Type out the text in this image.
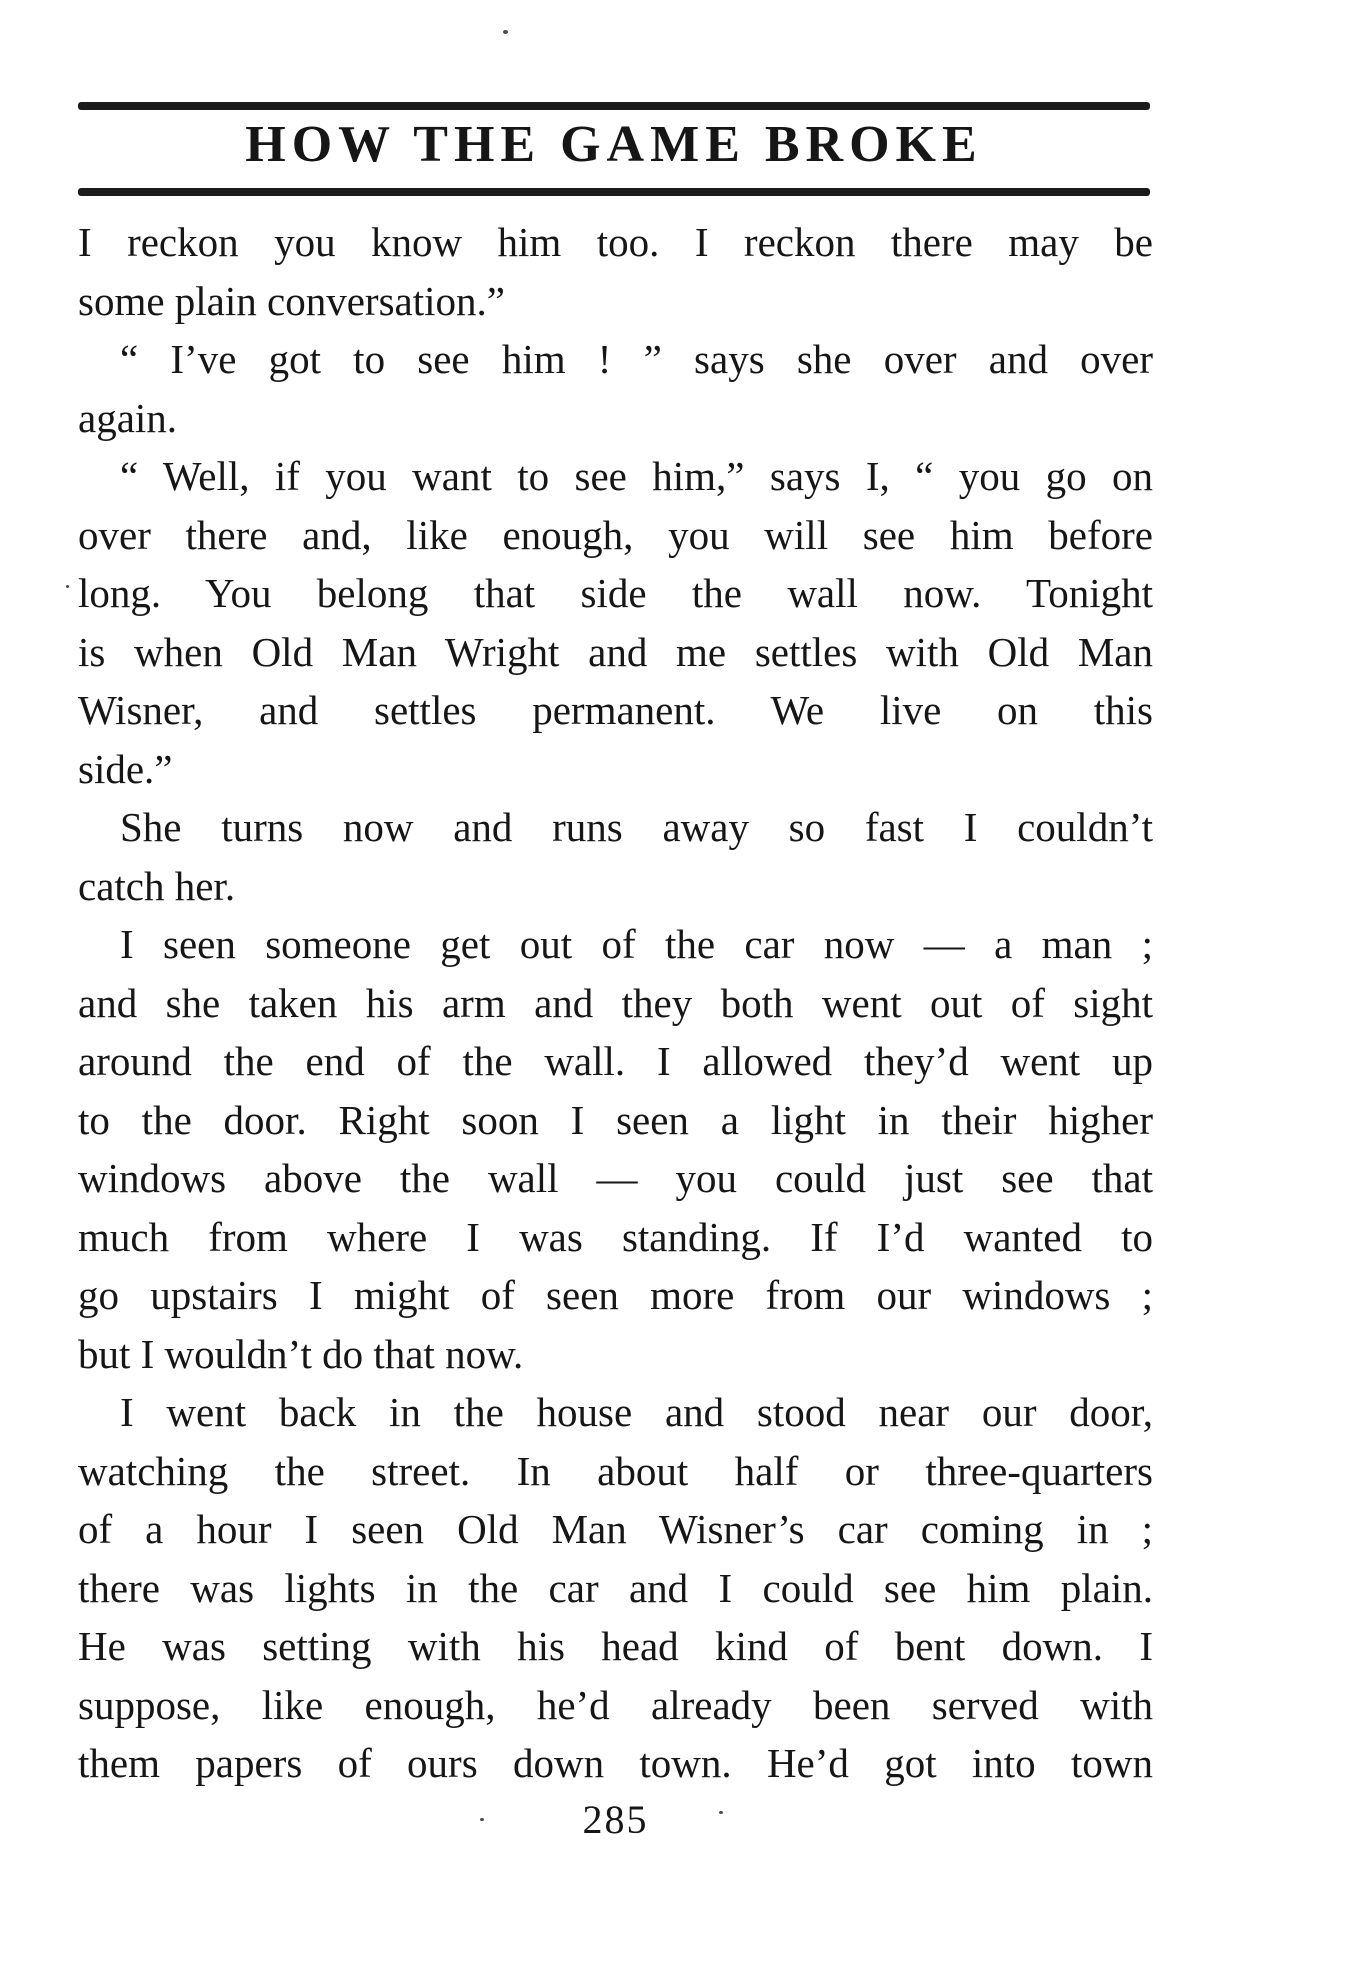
HOW THE GAME BROKE
I reckon you know him too. I reckon there may be
some plain conversation.”
“ I’ve got to see him ! ” says she over and over
again.
“ Well, if you want to see him,” says I, “ you go on
over there and, like enough, you will see him before
long. You belong that side the wall now. Tonight
is when Old Man Wright and me settles with Old Man
Wisner, and settles permanent. We live on this
side.”
She turns now and runs away so fast I couldn’t
catch her.
I seen someone get out of the car now — a man ;
and she taken his arm and they both went out of sight
around the end of the wall. I allowed they’d went up
to the door. Right soon I seen a light in their higher
windows above the wall — you could just see that
much from where I was standing. If I’d wanted to
go upstairs I might of seen more from our windows ;
but I wouldn’t do that now.
I went back in the house and stood near our door,
watching the street. In about half or three-quarters
of a hour I seen Old Man Wisner’s car coming in ;
there was lights in the car and I could see him plain.
He was setting with his head kind of bent down. I
suppose, like enough, he’d already been served with
them papers of ours down town. He’d got into town
285
